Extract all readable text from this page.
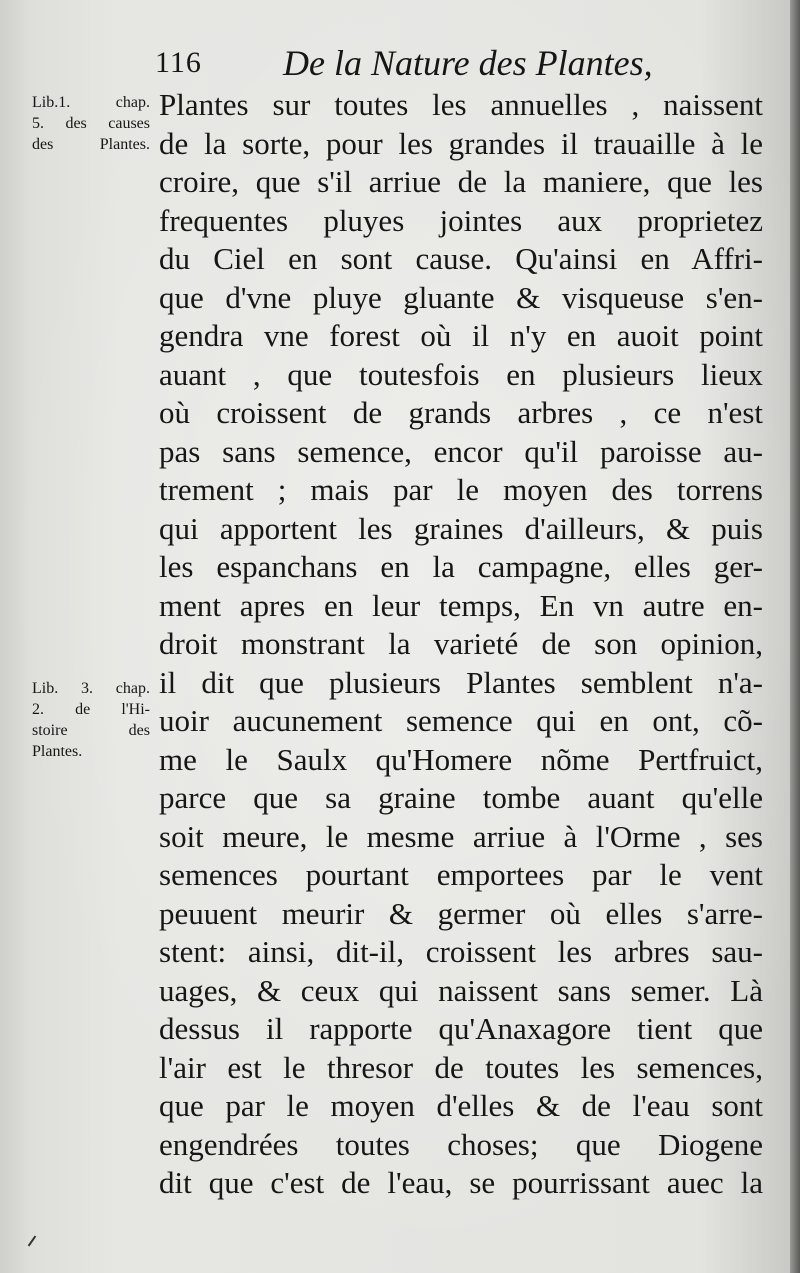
116 De la Nature des Plantes,
Lib.1. chap.
5. des causes
des Plantes.
Lib. 3. chap.
2. de l'Hi-
stoire des
Plantes.
Plantes sur toutes les annuelles , naissent
de la sorte, pour les grandes il trauaille à le
croire, que s'il arriue de la maniere, que les
frequentes pluyes jointes aux proprietez
du Ciel en sont cause. Qu'ainsi en Affri-
que d'vne pluye gluante & visqueuse s'en-
gendra vne forest où il n'y en auoit point
auant , que toutesfois en plusieurs lieux
où croissent de grands arbres , ce n'est
pas sans semence, encor qu'il paroisse au-
trement ; mais par le moyen des torrens
qui apportent les graines d'ailleurs, & puis
les espanchans en la campagne, elles ger-
ment apres en leur temps, En vn autre en-
droit monstrant la varieté de son opinion,
il dit que plusieurs Plantes semblent n'a-
uoir aucunement semence qui en ont, cõ-
me le Saulx qu'Homere nõme Pertfruict,
parce que sa graine tombe auant qu'elle
soit meure, le mesme arriue à l'Orme , ses
semences pourtant emportees par le vent
peuuent meurir & germer où elles s'arre-
stent: ainsi, dit-il, croissent les arbres sau-
uages, & ceux qui naissent sans semer. Là
dessus il rapporte qu'Anaxagore tient que
l'air est le thresor de toutes les semences,
que par le moyen d'elles & de l'eau sont
engendrées toutes choses; que Diogene
dit que c'est de l'eau, se pourrissant auec la
